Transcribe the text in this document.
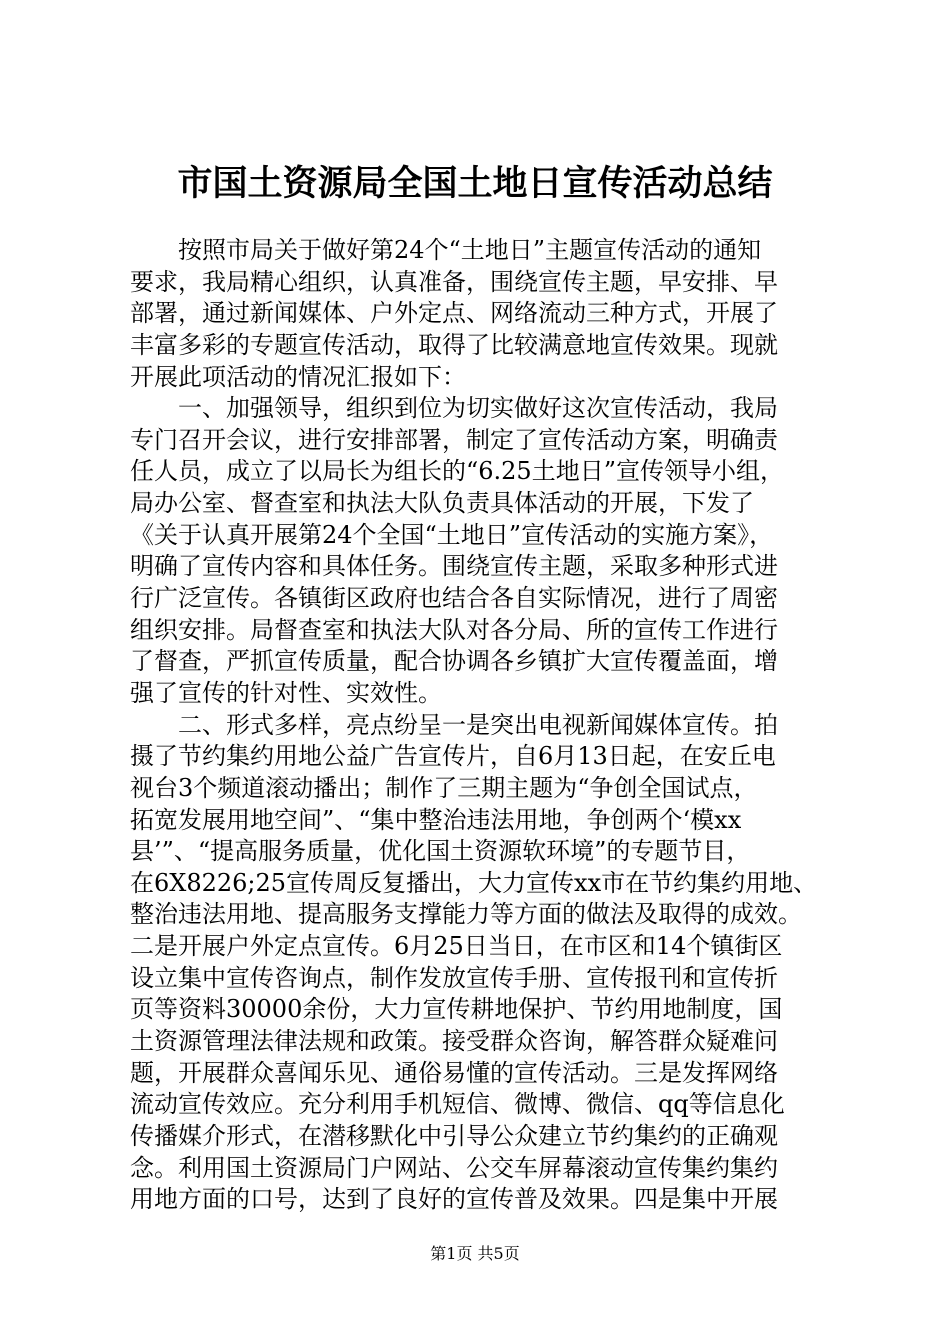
市国土资源局全国土地日宣传活动总结
　　按照市局关于做好第24个“土地日”主题宣传活动的通知
要求，我局精心组织，认真准备，围绕宣传主题，早安排、早
部署，通过新闻媒体、户外定点、网络流动三种方式，开展了
丰富多彩的专题宣传活动，取得了比较满意地宣传效果。现就
开展此项活动的情况汇报如下：
　　一、加强领导，组织到位为切实做好这次宣传活动，我局
专门召开会议，进行安排部署，制定了宣传活动方案，明确责
任人员，成立了以局长为组长的“6.25土地日”宣传领导小组，
局办公室、督查室和执法大队负责具体活动的开展，下发了
《关于认真开展第24个全国“土地日”宣传活动的实施方案》，
明确了宣传内容和具体任务。围绕宣传主题，采取多种形式进
行广泛宣传。各镇街区政府也结合各自实际情况，进行了周密
组织安排。局督查室和执法大队对各分局、所的宣传工作进行
了督查，严抓宣传质量，配合协调各乡镇扩大宣传覆盖面，增
强了宣传的针对性、实效性。
　　二、形式多样，亮点纷呈一是突出电视新闻媒体宣传。拍
摄了节约集约用地公益广告宣传片，自6月13日起，在安丘电
视台3个频道滚动播出；制作了三期主题为“争创全国试点，
拓宽发展用地空间”、“集中整治违法用地，争创两个‘模xx
县’”、“提高服务质量，优化国土资源软环境”的专题节目，
在6X8226;25宣传周反复播出，大力宣传xx市在节约集约用地、
整治违法用地、提高服务支撑能力等方面的做法及取得的成效。
二是开展户外定点宣传。6月25日当日，在市区和14个镇街区
设立集中宣传咨询点，制作发放宣传手册、宣传报刊和宣传折
页等资料30000余份，大力宣传耕地保护、节约用地制度，国
土资源管理法律法规和政策。接受群众咨询，解答群众疑难问
题，开展群众喜闻乐见、通俗易懂的宣传活动。三是发挥网络
流动宣传效应。充分利用手机短信、微博、微信、qq等信息化
传播媒介形式，在潜移默化中引导公众建立节约集约的正确观
念。利用国土资源局门户网站、公交车屏幕滚动宣传集约集约
用地方面的口号，达到了良好的宣传普及效果。四是集中开展
第1页 共5页
